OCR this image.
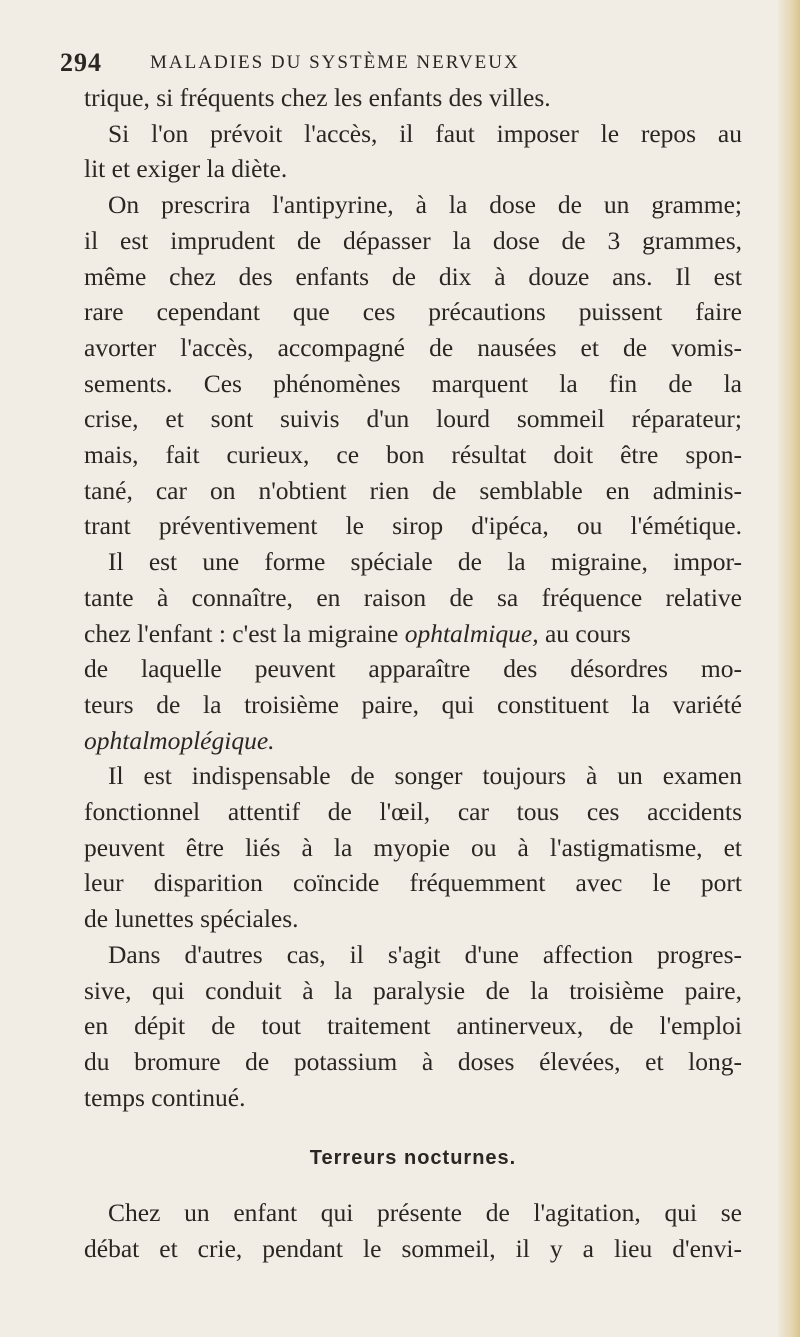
294	MALADIES DU SYSTÈME NERVEUX
trique, si fréquents chez les enfants des villes.
Si l'on prévoit l'accès, il faut imposer le repos au
lit et exiger la diète.
On prescrira l'antipyrine, à la dose de un gramme;
il est imprudent de dépasser la dose de 3 grammes,
même chez des enfants de dix à douze ans. Il est
rare cependant que ces précautions puissent faire
avorter l'accès, accompagné de nausées et de vomis-
sements. Ces phénomènes marquent la fin de la
crise, et sont suivis d'un lourd sommeil réparateur;
mais, fait curieux, ce bon résultat doit être spon-
tané, car on n'obtient rien de semblable en adminis-
trant préventivement le sirop d'ipéca, ou l'émétique.
Il est une forme spéciale de la migraine, impor-
tante à connaître, en raison de sa fréquence relative
chez l'enfant : c'est la migraine ophtalmique, au cours
de laquelle peuvent apparaître des désordres mo-
teurs de la troisième paire, qui constituent la variété
ophtalmoplégique.
Il est indispensable de songer toujours à un examen
fonctionnel attentif de l'œil, car tous ces accidents
peuvent être liés à la myopie ou à l'astigmatisme, et
leur disparition coïncide fréquemment avec le port
de lunettes spéciales.
Dans d'autres cas, il s'agit d'une affection progres-
sive, qui conduit à la paralysie de la troisième paire,
en dépit de tout traitement antinerveux, de l'emploi
du bromure de potassium à doses élevées, et long-
temps continué.
Terreurs nocturnes.
Chez un enfant qui présente de l'agitation, qui se
débat et crie, pendant le sommeil, il y a lieu d'envi-
